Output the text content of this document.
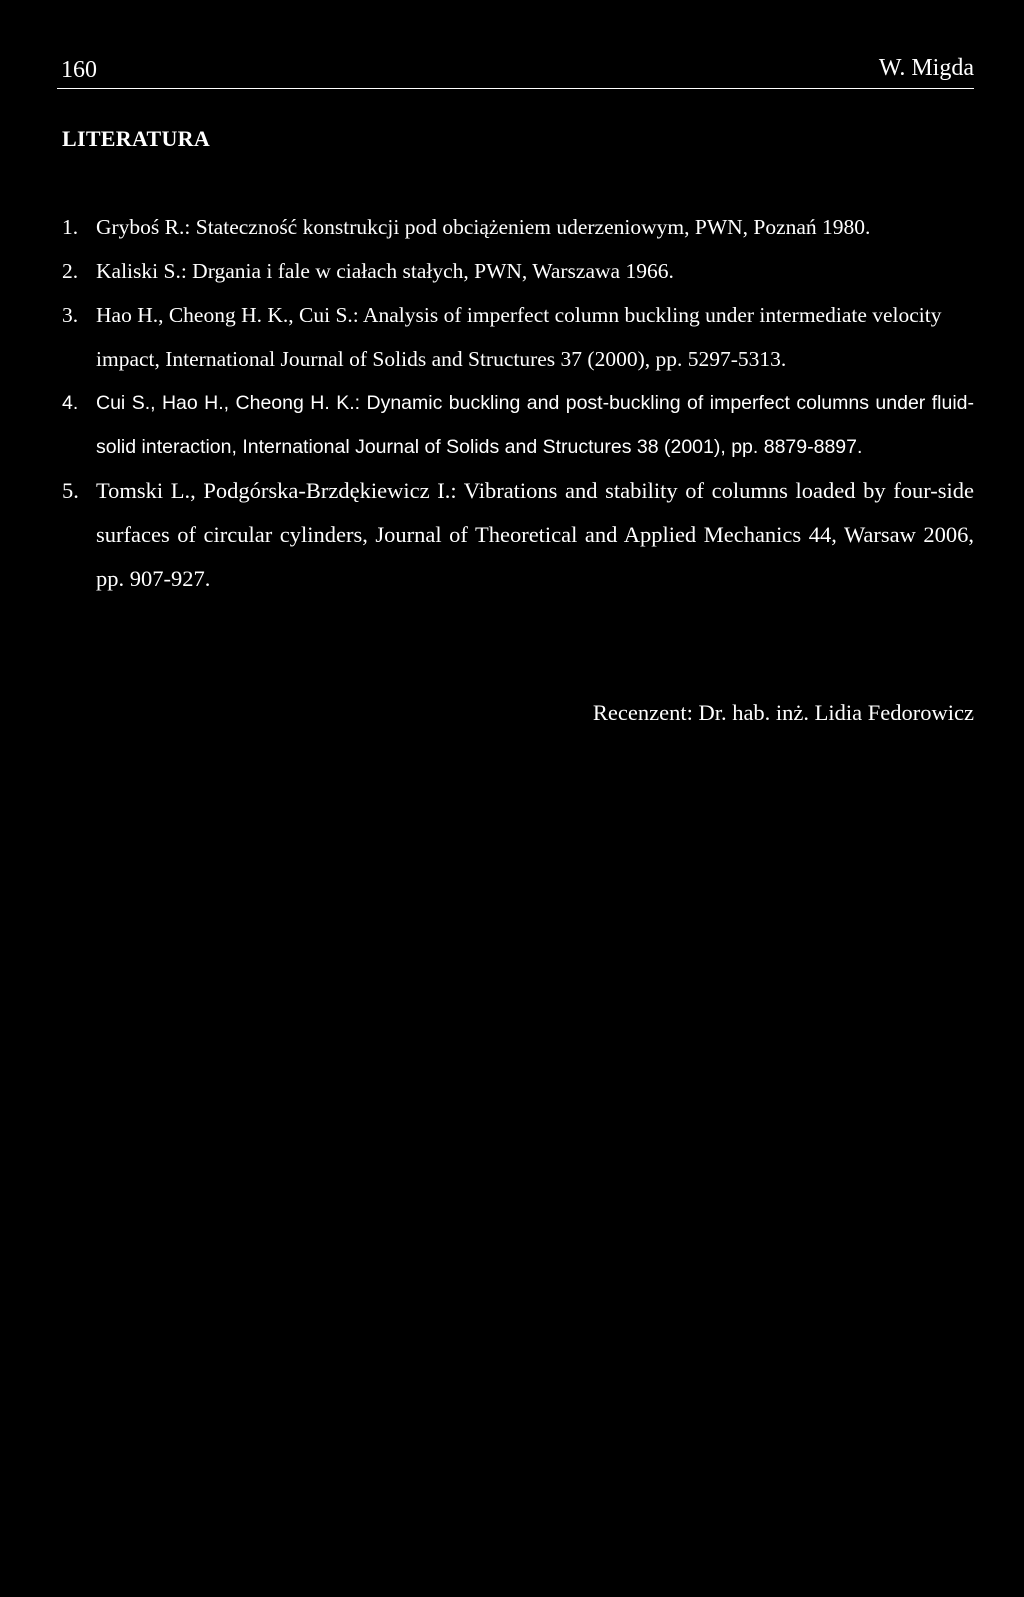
160	W. Migda
LITERATURA
1. Gryboś R.: Stateczność konstrukcji pod obciążeniem uderzeniowym, PWN, Poznań 1980.
2. Kaliski S.: Drgania i fale w ciałach stałych, PWN, Warszawa 1966.
3. Hao H., Cheong H. K., Cui S.: Analysis of imperfect column buckling under intermediate velocity impact, International Journal of Solids and Structures 37 (2000), pp. 5297-5313.
4. Cui S., Hao H., Cheong H. K.: Dynamic buckling and post-buckling of imperfect columns under fluid-solid interaction, International Journal of Solids and Structures 38 (2001), pp. 8879-8897.
5. Tomski L., Podgórska-Brzdękiewicz I.: Vibrations and stability of columns loaded by four-side surfaces of circular cylinders, Journal of Theoretical and Applied Mechanics 44, Warsaw 2006, pp. 907-927.
Recenzent: Dr. hab. inż. Lidia Fedorowicz
